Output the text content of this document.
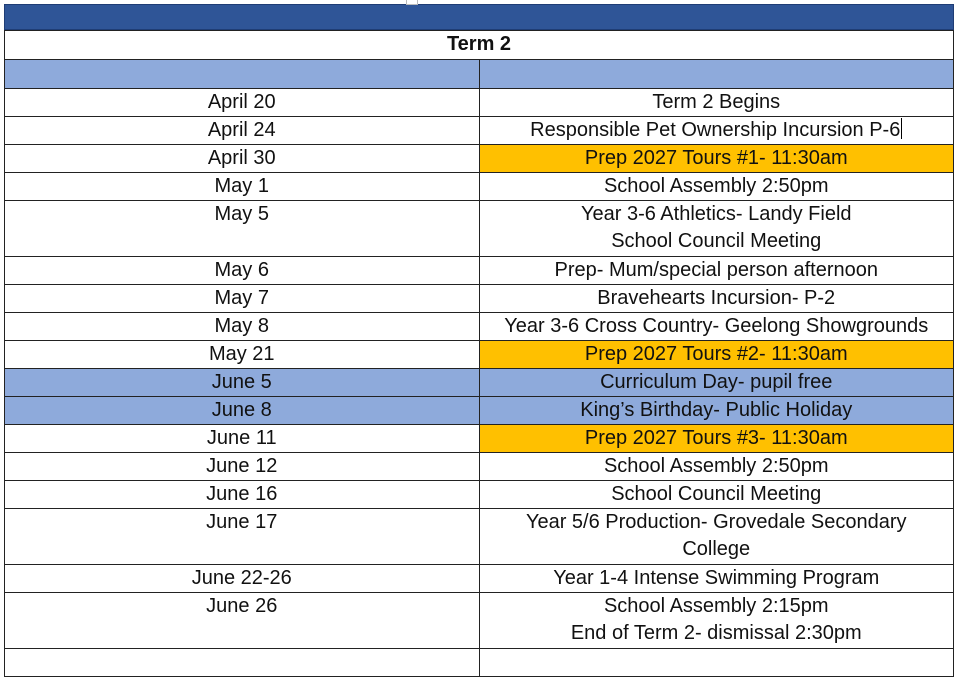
Term 2	

April 20	Term 2 Begins

April 24	Responsible Pet Ownership Incursion P-6
April 30	Prep 2027 Tours #1- 11:30am

May 1	School Assembly 2:50pm

May 5	Year 3-6 Athletics- Landy Field
School Council Meeting

May 6	Prep- Mum/special person afternoon

May 7	Bravehearts Incursion- P-2

May 8	Year 3-6 Cross Country- Geelong Showgrounds

May 21	Prep 2027 Tours #2- 11:30am

June 5	Curriculum Day- pupil free

June 8	King’s Birthday- Public Holiday

June 11	Prep 2027 Tours #3- 11:30am

June 12	School Assembly 2:50pm

June 16	School Council Meeting

June 17	Year 5/6 Production- Grovedale Secondary
College

June 22-26	Year 1-4 Intense Swimming Program

June 26	School Assembly 2:15pm
End of Term 2- dismissal 2:30pm
